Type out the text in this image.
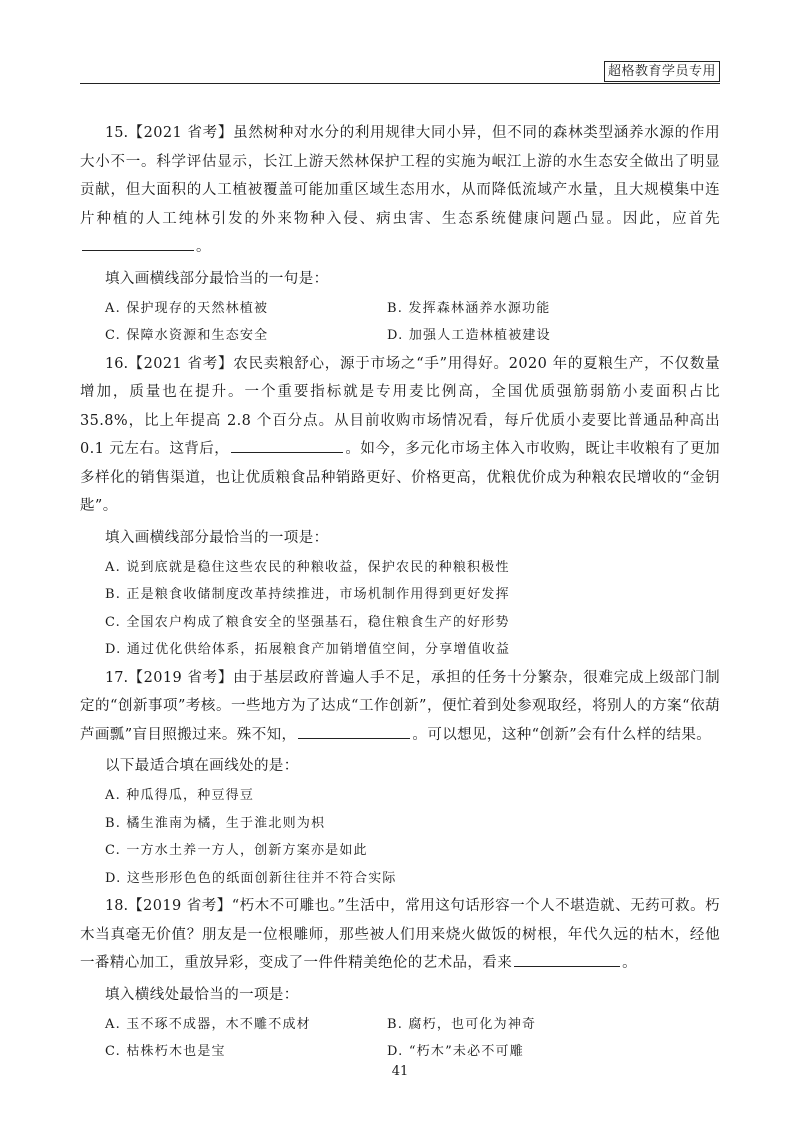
超格教育学员专用

15.【2021 省考】虽然树种对水分的利用规律大同小异，但不同的森林类型涵养水源的作用大小不一。科学评估显示，长江上游天然林保护工程的实施为岷江上游的水生态安全做出了明显贡献，但大面积的人工植被覆盖可能加重区域生态用水，从而降低流域产水量，且大规模集中连片种植的人工纯林引发的外来物种入侵、病虫害、生态系统健康问题凸显。因此，应首先。

填入画横线部分最恰当的一句是：

A. 保护现存的天然林植被	B. 发挥森林涵养水源功能
C. 保障水资源和生态安全	D. 加强人工造林植被建设

16.【2021 省考】农民卖粮舒心，源于市场之“手”用得好。2020 年的夏粮生产，不仅数量增加，质量也在提升。一个重要指标就是专用麦比例高，全国优质强筋弱筋小麦面积占比 35.8%，比上年提高 2.8 个百分点。从目前收购市场情况看，每斤优质小麦要比普通品种高出 0.1 元左右。这背后，	。如今，多元化市场主体入市收购，既让丰收粮有了更加多样化的销售渠道，也让优质粮食品种销路更好、价格更高，优粮优价成为种粮农民增收的“金钥匙”。

填入画横线部分最恰当的一项是：

A. 说到底就是稳住这些农民的种粮收益，保护农民的种粮积极性
B. 正是粮食收储制度改革持续推进，市场机制作用得到更好发挥
C. 全国农户构成了粮食安全的坚强基石，稳住粮食生产的好形势
D. 通过优化供给体系，拓展粮食产加销增值空间，分享增值收益

17.【2019 省考】由于基层政府普遍人手不足，承担的任务十分繁杂，很难完成上级部门制定的“创新事项”考核。一些地方为了达成“工作创新”，便忙着到处参观取经，将别人的方案“依葫芦画瓢”盲目照搬过来。殊不知，	。可以想见，这种“创新”会有什么样的结果。

以下最适合填在画线处的是：

A. 种瓜得瓜，种豆得豆
B. 橘生淮南为橘，生于淮北则为枳
C. 一方水土养一方人，创新方案亦是如此
D. 这些形形色色的纸面创新往往并不符合实际

18.【2019 省考】“朽木不可雕也。”生活中，常用这句话形容一个人不堪造就、无药可救。朽木当真毫无价值？朋友是一位根雕师，那些被人们用来烧火做饭的树根，年代久远的枯木，经他一番精心加工，重放异彩，变成了一件件精美绝伦的艺术品，看来	。

填入横线处最恰当的一项是：

A. 玉不琢不成器，木不雕不成材	B. 腐朽，也可化为神奇
C. 枯株朽木也是宝	D. “朽木”未必不可雕
41
